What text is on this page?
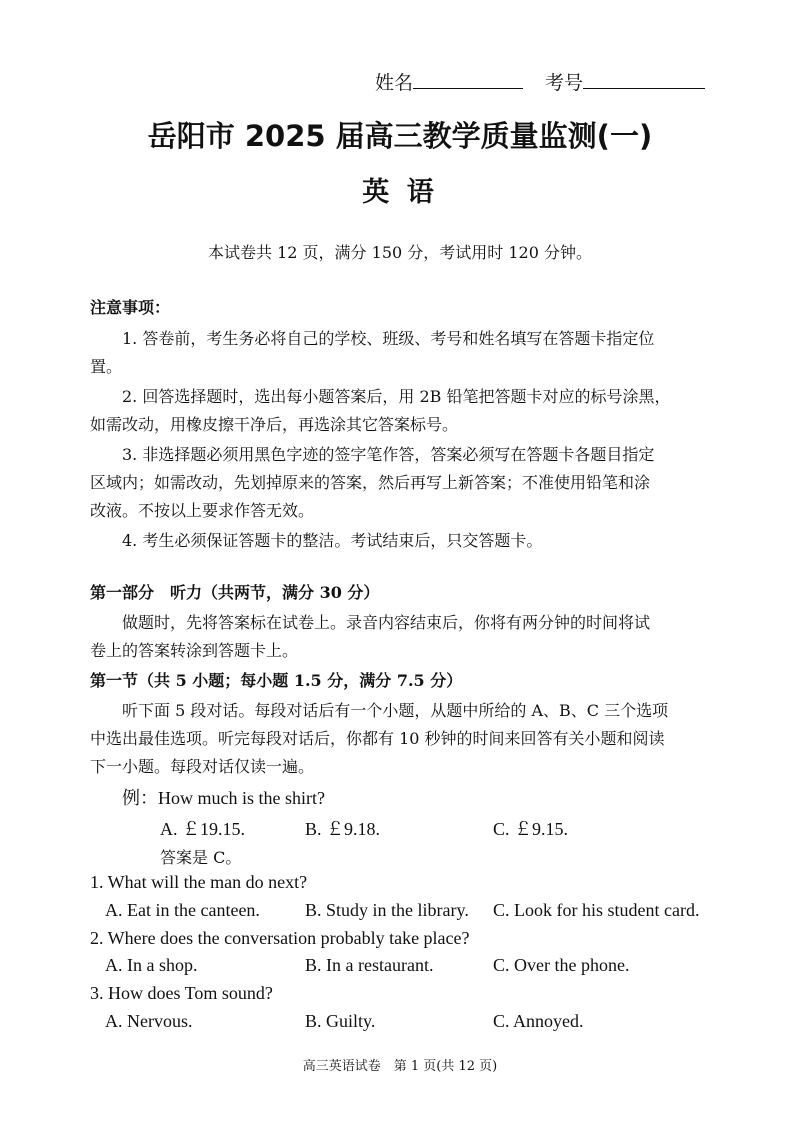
姓名	考号
岳阳市 2025 届高三教学质量监测(一)
英 语
本试卷共 12 页，满分 150 分，考试用时 120 分钟。
注意事项：
1. 答卷前，考生务必将自己的学校、班级、考号和姓名填写在答题卡指定位
置。
2. 回答选择题时，选出每小题答案后，用 2B 铅笔把答题卡对应的标号涂黑，
如需改动，用橡皮擦干净后，再选涂其它答案标号。
3. 非选择题必须用黑色字迹的签字笔作答，答案必须写在答题卡各题目指定
区域内；如需改动，先划掉原来的答案，然后再写上新答案；不准使用铅笔和涂
改液。不按以上要求作答无效。
4. 考生必须保证答题卡的整洁。考试结束后，只交答题卡。
第一部分　听力（共两节，满分 30 分）
做题时，先将答案标在试卷上。录音内容结束后，你将有两分钟的时间将试
卷上的答案转涂到答题卡上。
第一节（共 5 小题；每小题 1.5 分，满分 7.5 分）
听下面 5 段对话。每段对话后有一个小题，从题中所给的 A、B、C 三个选项
中选出最佳选项。听完每段对话后，你都有 10 秒钟的时间来回答有关小题和阅读
下一小题。每段对话仅读一遍。
例：How much is the shirt?
A. ￡19.15.	B. ￡9.18.	C. ￡9.15.
答案是 C。
1. What will the man do next?
A. Eat in the canteen.	B. Study in the library. C. Look for his student card.
2. Where does the conversation probably take place?
A. In a shop.	B. In a restaurant.	C. Over the phone.
3. How does Tom sound?
A. Nervous.	B. Guilty.	C. Annoyed.
高三英语试卷　第 1 页(共 12 页)
